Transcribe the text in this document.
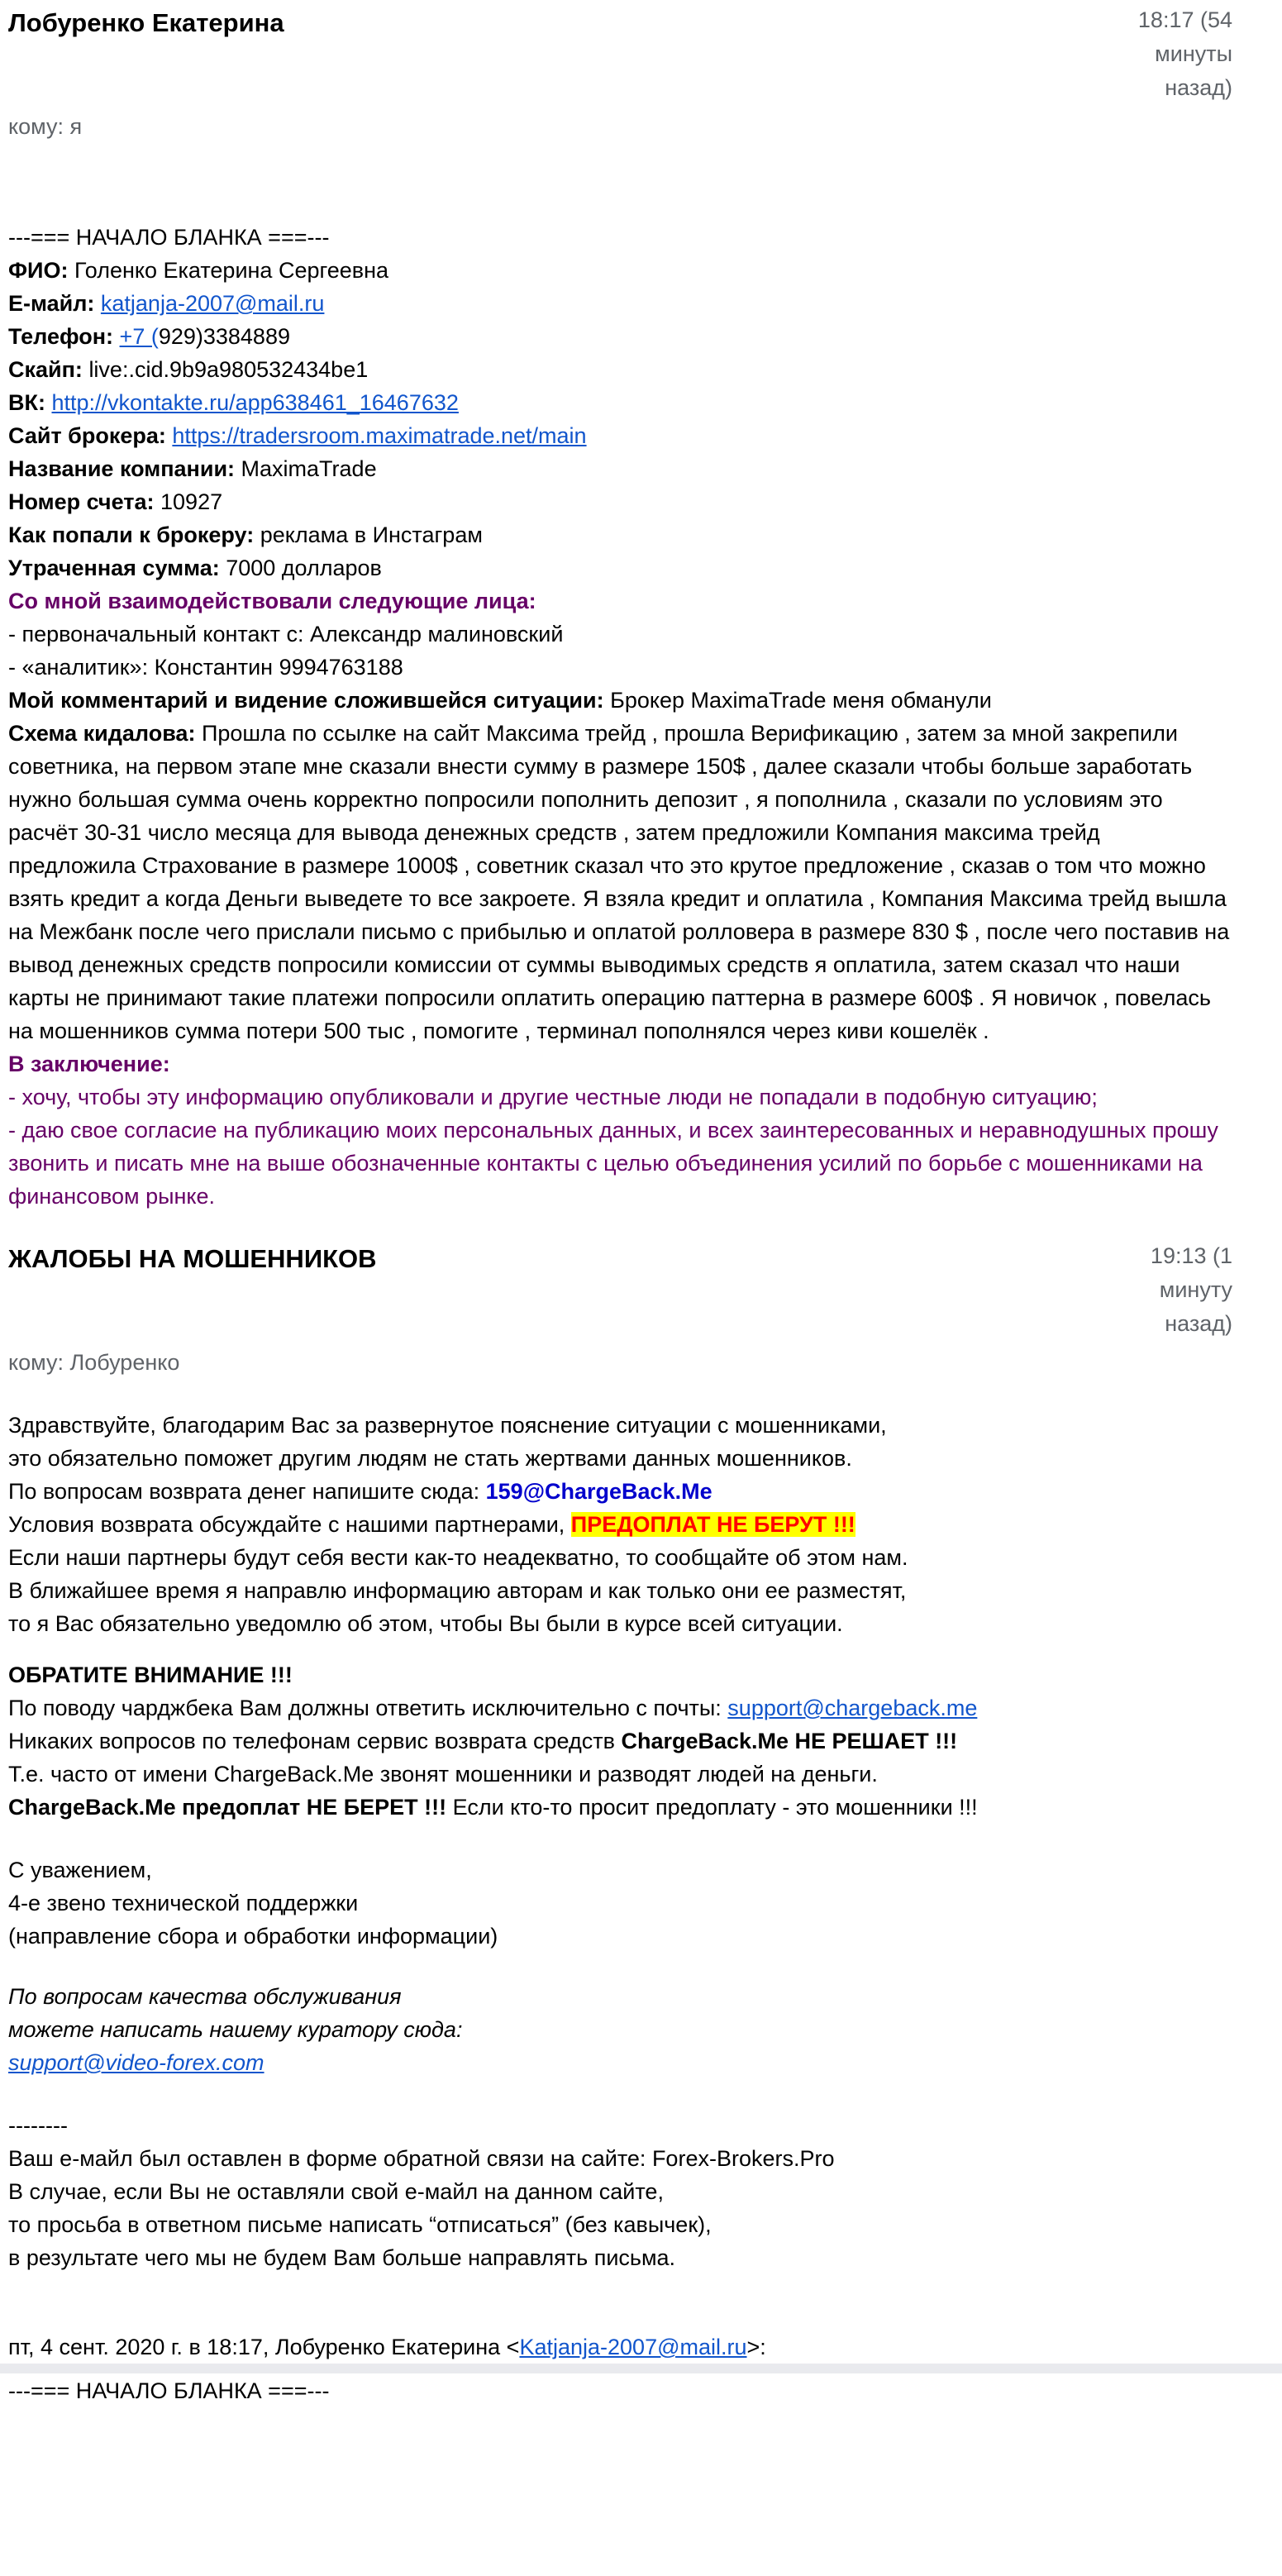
Лобуренко Екатерина	18:17 (54
минуты
назад)
кому: я
---=== НАЧАЛО БЛАНКА ===---
ФИО: Голенко Екатерина Сергеевна
Е-майл: katjanja-2007@mail.ru
Телефон: +7 (929)3384889
Скайп: live:.cid.9b9a980532434be1
ВК: http://vkontakte.ru/app638461_16467632
Сайт брокера: https://tradersroom.maximatrade.net/main
Название компании: MaximaTrade
Номер счета: 10927
Как попали к брокеру: реклама в Инстаграм
Утраченная сумма: 7000 долларов
Со мной взаимодействовали следующие лица:
- первоначальный контакт с: Александр малиновский
- «аналитик»: Константин 9994763188
Мой комментарий и видение сложившейся ситуации: Брокер MaximaTrade меня обманули
Схема кидалова: Прошла по ссылке на сайт Максима трейд , прошла Верификацию , затем за мной закрепили советника, на первом этапе мне сказали внести сумму в размере 150$ , далее сказали чтобы больше заработать нужно большая сумма очень корректно попросили пополнить депозит , я пополнила , сказали по условиям это расчёт 30-31 число месяца для вывода денежных средств , затем предложили Компания максима трейд предложила Страхование в размере 1000$ , советник сказал что это крутое предложение , сказав о том что можно взять кредит а когда Деньги выведете то все закроете. Я взяла кредит и оплатила , Компания Максима трейд вышла на Межбанк после чего прислали письмо с прибылью и оплатой ролловера в размере 830 $ , после чего поставив на вывод денежных средств попросили комиссии от суммы выводимых средств я оплатила, затем сказал что наши карты не принимают такие платежи попросили оплатить операцию паттерна в размере 600$ . Я новичок , повелась на мошенников сумма потери 500 тыс , помогите , терминал пополнялся через киви кошелёк .
В заключение:
- хочу, чтобы эту информацию опубликовали и другие честные люди не попадали в подобную ситуацию;
- даю свое согласие на публикацию моих персональных данных, и всех заинтересованных и неравнодушных прошу звонить и писать мне на выше обозначенные контакты с целью объединения усилий по борьбе с мошенниками на финансовом рынке.
ЖАЛОБЫ НА МОШЕННИКОВ	19:13 (1
минуту
назад)
кому: Лобуренко
Здравствуйте, благодарим Вас за развернутое пояснение ситуации с мошенниками,
это обязательно поможет другим людям не стать жертвами данных мошенников.
По вопросам возврата денег напишите сюда: 159@ChargeBack.Me
Условия возврата обсуждайте с нашими партнерами, ПРЕДОПЛАТ НЕ БЕРУТ !!!
Если наши партнеры будут себя вести как-то неадекватно, то сообщайте об этом нам.
В ближайшее время я направлю информацию авторам и как только они ее разместят,
то я Вас обязательно уведомлю об этом, чтобы Вы были в курсе всей ситуации.
ОБРАТИТЕ ВНИМАНИЕ !!!
По поводу чарджбека Вам должны ответить исключительно с почты: support@chargeback.me
Никаких вопросов по телефонам сервис возврата средств ChargeBack.Me НЕ РЕШАЕТ !!!
Т.е. часто от имени ChargeBack.Me звонят мошенники и разводят людей на деньги.
ChargeBack.Me предоплат НЕ БЕРЕТ !!! Если кто-то просит предоплату - это мошенники !!!
С уважением,
4-е звено технической поддержки
(направление сбора и обработки информации)
По вопросам качества обслуживания
можете написать нашему куратору сюда:
support@video-forex.com
--------
Ваш е-майл был оставлен в форме обратной связи на сайте: Forex-Brokers.Pro
В случае, если Вы не оставляли свой е-майл на данном сайте,
то просьба в ответном письме написать “отписаться” (без кавычек),
в результате чего мы не будем Вам больше направлять письма.
пт, 4 сент. 2020 г. в 18:17, Лобуренко Екатерина <Katjanja-2007@mail.ru>:
---=== НАЧАЛО БЛАНКА ===---
